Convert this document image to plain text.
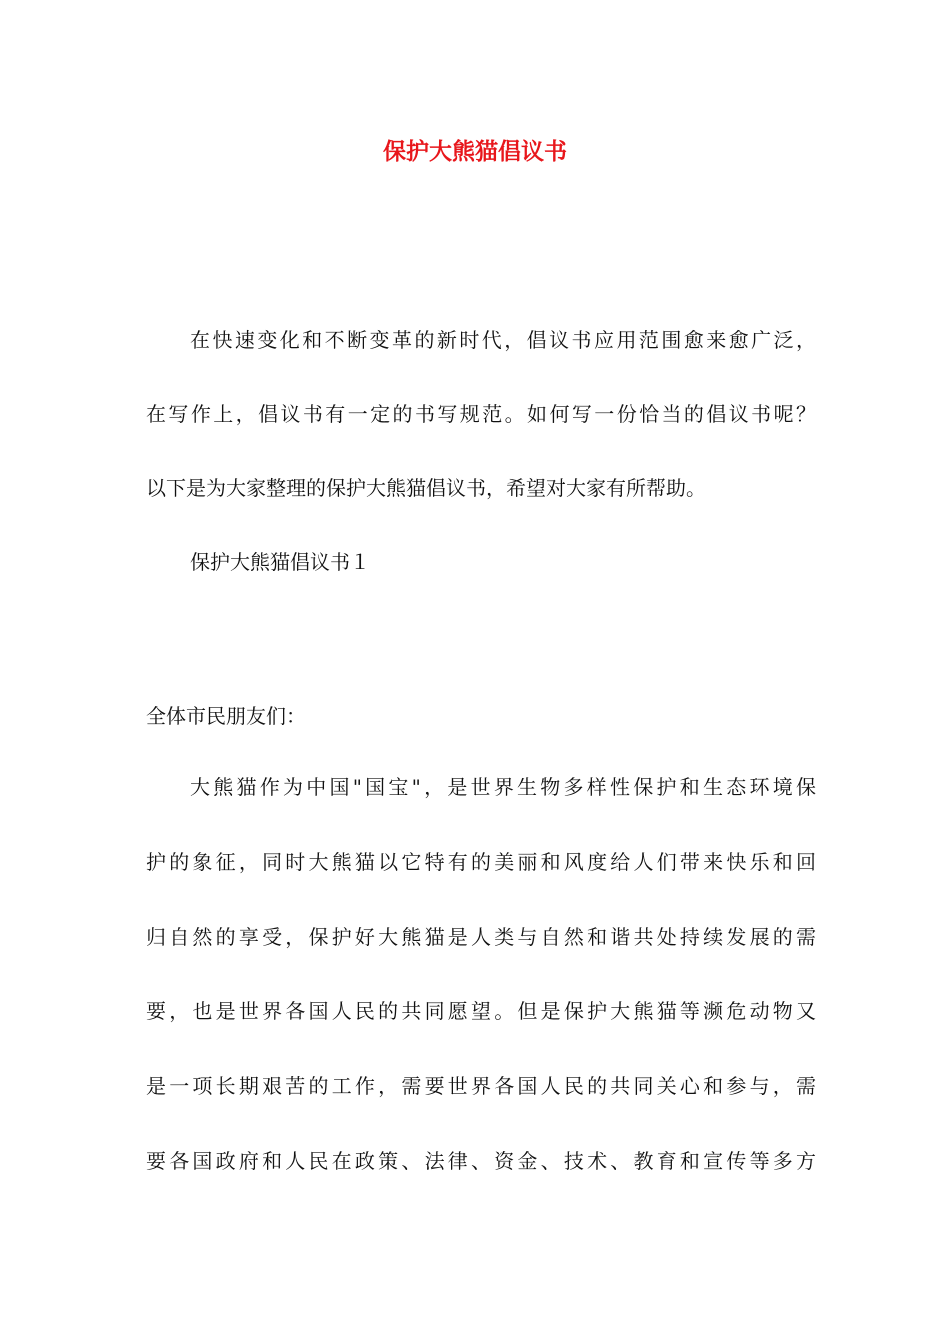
保护大熊猫倡议书

在快速变化和不断变革的新时代，倡议书应用范围愈来愈广泛，

在写作上，倡议书有一定的书写规范。如何写一份恰当的倡议书呢？

以下是为大家整理的保护大熊猫倡议书，希望对大家有所帮助。

保护大熊猫倡议书１

全体市民朋友们：

大熊猫作为中国"国宝"，是世界生物多样性保护和生态环境保

护的象征，同时大熊猫以它特有的美丽和风度给人们带来快乐和回

归自然的享受，保护好大熊猫是人类与自然和谐共处持续发展的需

要，也是世界各国人民的共同愿望。但是保护大熊猫等濒危动物又

是一项长期艰苦的工作，需要世界各国人民的共同关心和参与，需

要各国政府和人民在政策、法律、资金、技术、教育和宣传等多方
